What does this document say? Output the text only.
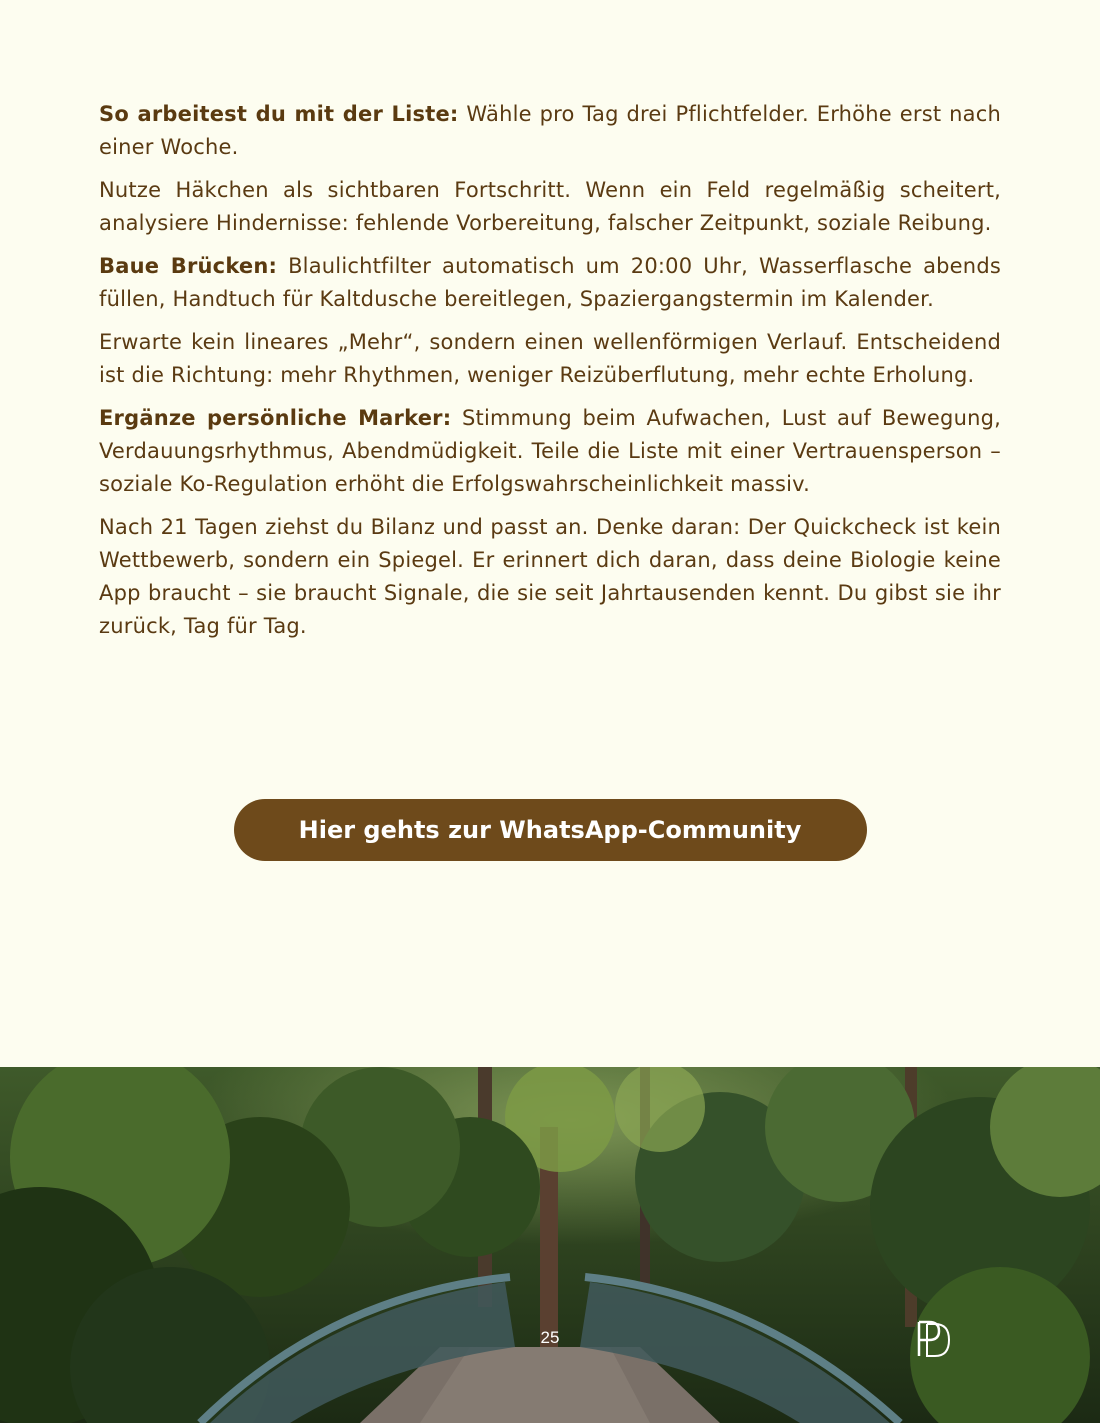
So arbeitest du mit der Liste: Wähle pro Tag drei Pflichtfelder. Erhöhe erst nach einer Woche.

Nutze Häkchen als sichtbaren Fortschritt. Wenn ein Feld regelmäßig scheitert, analysiere Hindernisse: fehlende Vorbereitung, falscher Zeitpunkt, soziale Reibung.

Baue Brücken: Blaulichtfilter automatisch um 20:00 Uhr, Wasserflasche abends füllen, Handtuch für Kaltdusche bereitlegen, Spaziergangstermin im Kalender.

Erwarte kein lineares „Mehr“, sondern einen wellenförmigen Verlauf. Entscheidend ist die Richtung: mehr Rhythmen, weniger Reizüberflutung, mehr echte Erholung.

Ergänze persönliche Marker: Stimmung beim Aufwachen, Lust auf Bewegung, Verdauungsrhythmus, Abendmüdigkeit. Teile die Liste mit einer Vertrauensperson – soziale Ko-Regulation erhöht die Erfolgswahrscheinlichkeit massiv.

Nach 21 Tagen ziehst du Bilanz und passt an. Denke daran: Der Quickcheck ist kein Wettbewerb, sondern ein Spiegel. Er erinnert dich daran, dass deine Biologie keine App braucht – sie braucht Signale, die sie seit Jahrtausenden kennt. Du gibst sie ihr zurück, Tag für Tag.

Hier gehts zur WhatsApp-Community
25
